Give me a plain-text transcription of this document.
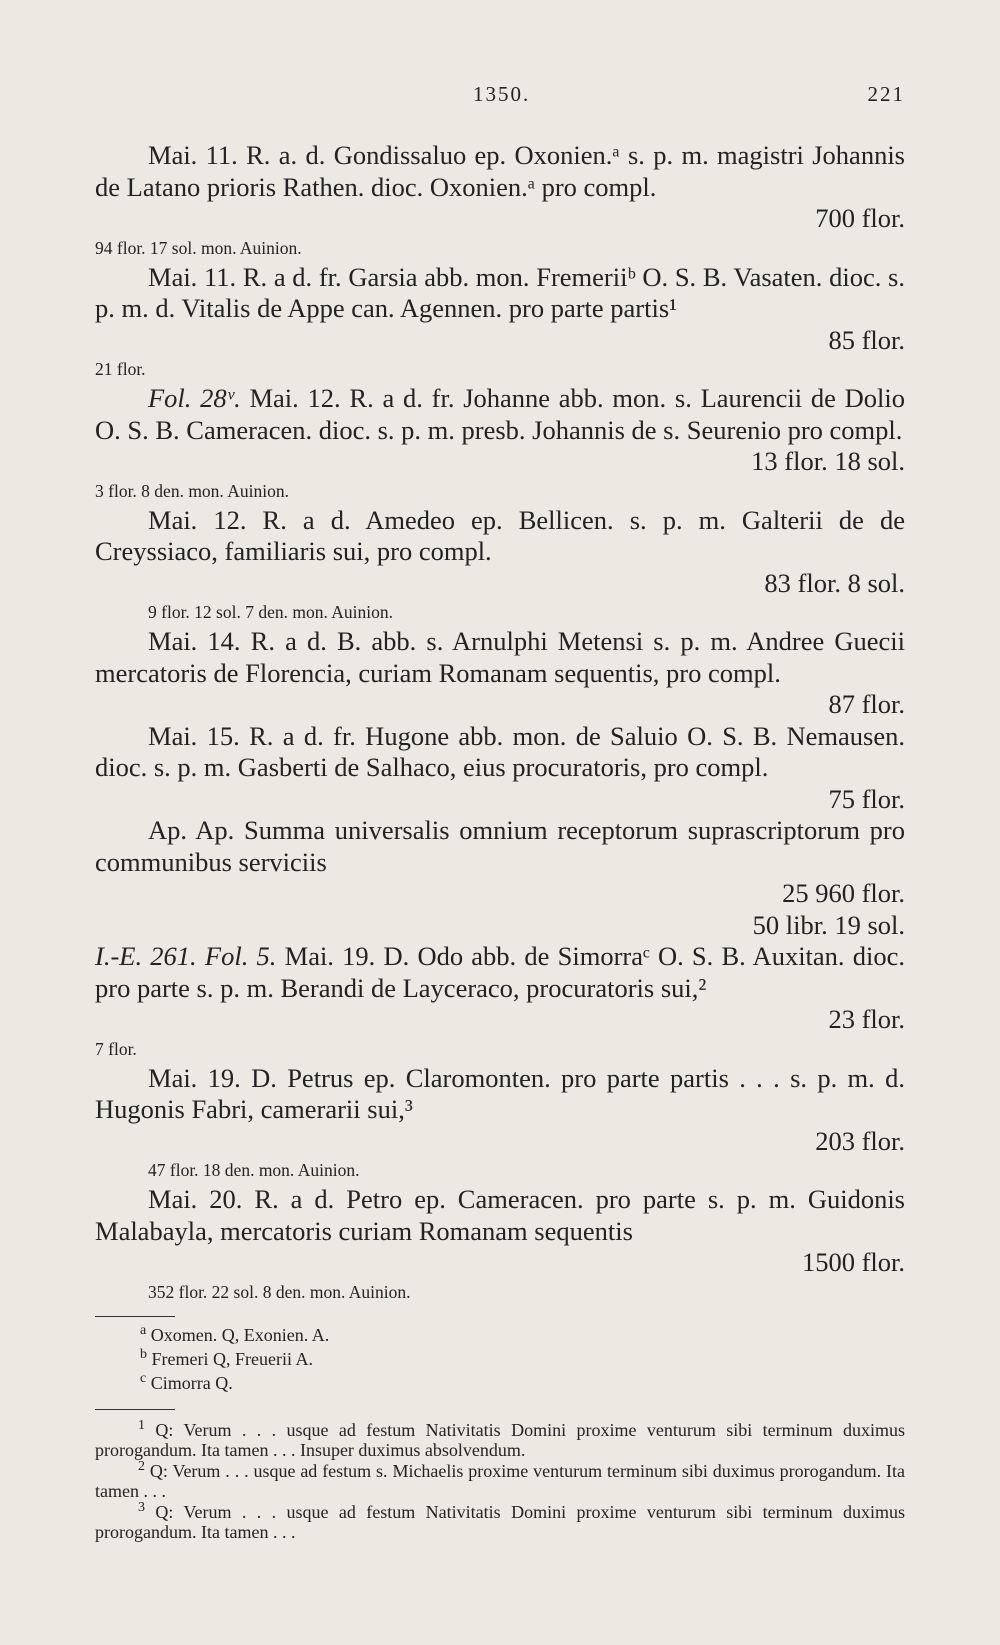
1350.	221

Mai. 11. R. a. d. Gondissaluo ep. Oxonien.ᵃ s. p. m. magistri Johannis de Latano prioris Rathen. dioc. Oxonien.ᵃ pro compl.

700 flor.

94 flor. 17 sol. mon. Auinion.

Mai. 11. R. a d. fr. Garsia abb. mon. Fremeriiᵇ O. S. B. Vasaten. dioc. s. p. m. d. Vitalis de Appe can. Agennen. pro parte partis¹

85 flor.

21 flor.

Fol. 28ᵛ. Mai. 12. R. a d. fr. Johanne abb. mon. s. Laurencii de Dolio O. S. B. Cameracen. dioc. s. p. m. presb. Johannis de s. Seurenio pro compl.

13 flor. 18 sol.

3 flor. 8 den. mon. Auinion.

Mai. 12. R. a d. Amedeo ep. Bellicen. s. p. m. Galterii de de Creyssiaco, familiaris sui, pro compl.

83 flor. 8 sol.

9 flor. 12 sol. 7 den. mon. Auinion.

Mai. 14. R. a d. B. abb. s. Arnulphi Metensi s. p. m. Andree Guecii mercatoris de Florencia, curiam Romanam sequentis, pro compl.

87 flor.

Mai. 15. R. a d. fr. Hugone abb. mon. de Saluio O. S. B. Nemausen. dioc. s. p. m. Gasberti de Salhaco, eius procuratoris, pro compl.

75 flor.

Ap. Ap. Summa universalis omnium receptorum suprascriptorum pro communibus serviciis

25 960 flor.

50 libr. 19 sol.

I.-E. 261. Fol. 5. Mai. 19. D. Odo abb. de Simorraᶜ O. S. B. Auxitan. dioc. pro parte s. p. m. Berandi de Layceraco, procuratoris sui,²

23 flor.

7 flor.

Mai. 19. D. Petrus ep. Claromonten. pro parte partis . . . s. p. m. d. Hugonis Fabri, camerarii sui,³

203 flor.

47 flor. 18 den. mon. Auinion.

Mai. 20. R. a d. Petro ep. Cameracen. pro parte s. p. m. Guidonis Malabayla, mercatoris curiam Romanam sequentis

1500 flor.

352 flor. 22 sol. 8 den. mon. Auinion.

$^a$ Oxomen. Q, Exonien. A.

$^b$ Fremeri Q, Freuerii A.

$^c$ Cimorra Q.

$^1$ Q: Verum . . . usque ad festum Nativitatis Domini proxime venturum sibi terminum duximus prorogandum. Ita tamen . . . Insuper duximus absolvendum.

$^2$ Q: Verum . . . usque ad festum s. Michaelis proxime venturum terminum sibi duximus prorogandum. Ita tamen . . .

$^3$ Q: Verum . . . usque ad festum Nativitatis Domini proxime venturum sibi terminum duximus prorogandum. Ita tamen . . .
